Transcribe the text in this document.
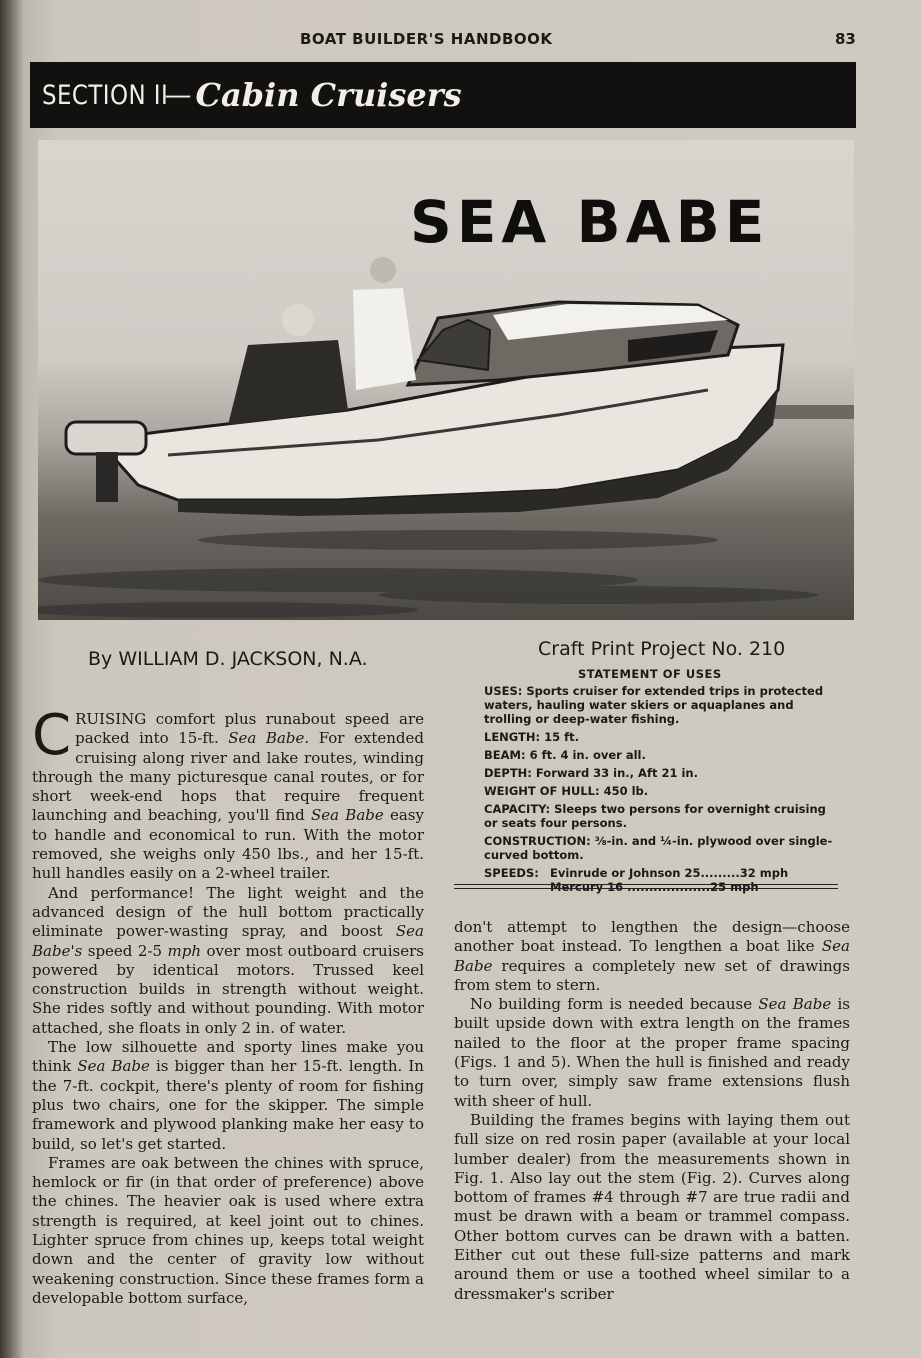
BOAT BUILDER'S HANDBOOK	83
SECTION II
— Cabin Cruisers
SEA BABE
By WILLIAM D. JACKSON, N.A.	Craft Print Project No. 210
STATEMENT OF USES
USES: Sports cruiser for extended trips in protected waters, hauling water skiers or aquaplanes and trolling or deep-water fishing.
LENGTH: 15 ft.
BEAM: 6 ft. 4 in. over all.
DEPTH: Forward 33 in., Aft 21 in.
WEIGHT OF HULL: 450 lb.
CAPACITY: Sleeps two persons for overnight cruising or seats four persons.
CONSTRUCTION: ⅜-in. and ¼-in. plywood over single-curved bottom.
SPEEDS: Evinrude or Johnson 25.........32 mph
Mercury 16 ...................25 mph

CRUISING comfort plus runabout speed are packed into 15-ft. Sea Babe. For extended cruising along river and lake routes, winding through the many picturesque canal routes, or for short week-end hops that require frequent launching and beaching, you'll find Sea Babe easy to handle and economical to run. With the motor removed, she weighs only 450 lbs., and her 15-ft. hull handles easily on a 2-wheel trailer.

And performance! The light weight and the advanced design of the hull bottom practically eliminate power-wasting spray, and boost Sea Babe's speed 2-5 mph over most outboard cruisers powered by identical motors. Trussed keel construction builds in strength without weight. She rides softly and without pounding. With motor attached, she floats in only 2 in. of water.

The low silhouette and sporty lines make you think Sea Babe is bigger than her 15-ft. length. In the 7-ft. cockpit, there's plenty of room for fishing plus two chairs, one for the skipper. The simple framework and plywood planking make her easy to build, so let's get started.

Frames are oak between the chines with spruce, hemlock or fir (in that order of preference) above the chines. The heavier oak is used where extra strength is required, at keel joint out to chines. Lighter spruce from chines up, keeps total weight down and the center of gravity low without weakening construction. Since these frames form a developable bottom surface,

don't attempt to lengthen the design—choose another boat instead. To lengthen a boat like Sea Babe requires a completely new set of drawings from stem to stern.

No building form is needed because Sea Babe is built upside down with extra length on the frames nailed to the floor at the proper frame spacing (Figs. 1 and 5). When the hull is finished and ready to turn over, simply saw frame extensions flush with sheer of hull.

Building the frames begins with laying them out full size on red rosin paper (available at your local lumber dealer) from the measurements shown in Fig. 1. Also lay out the stem (Fig. 2). Curves along bottom of frames #4 through #7 are true radii and must be drawn with a beam or trammel compass. Other bottom curves can be drawn with a batten. Either cut out these full-size patterns and mark around them or use a toothed wheel similar to a dressmaker's scriber
